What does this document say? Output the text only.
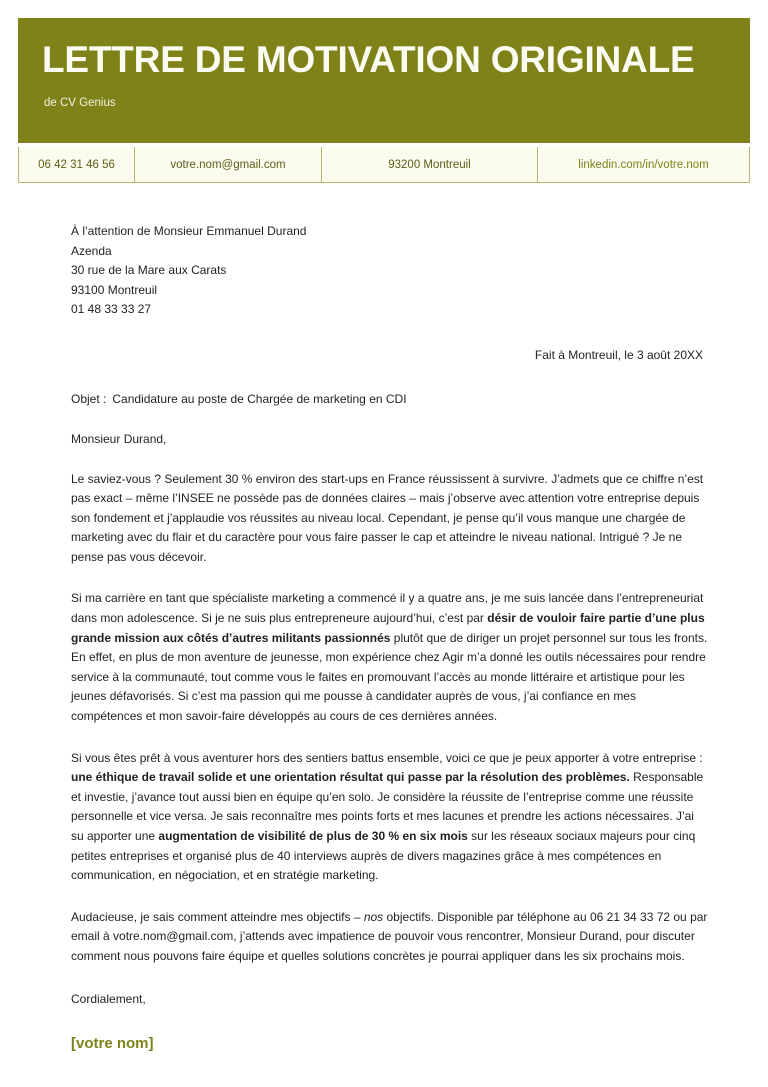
LETTRE DE MOTIVATION ORIGINALE
de CV Genius
06 42 31 46 56	votre.nom@gmail.com	93200 Montreuil	linkedin.com/in/votre.nom
À l’attention de Monsieur Emmanuel Durand
Azenda
30 rue de la Mare aux Carats
93100 Montreuil
01 48 33 33 27
Fait à Montreuil, le 3 août 20XX
Objet : Candidature au poste de Chargée de marketing en CDI
Monsieur Durand,

Le saviez-vous ? Seulement 30 % environ des start-ups en France réussissent à survivre. J’admets que ce chiffre n’est pas exact – même l’INSEE ne possède pas de données claires – mais j’observe avec attention votre entreprise depuis son fondement et j’applaudie vos réussites au niveau local. Cependant, je pense qu’il vous manque une chargée de marketing avec du flair et du caractère pour vous faire passer le cap et atteindre le niveau national. Intrigué ? Je ne pense pas vous décevoir.

Si ma carrière en tant que spécialiste marketing a commencé il y a quatre ans, je me suis lancée dans l’entrepreneuriat dans mon adolescence. Si je ne suis plus entrepreneure aujourd’hui, c’est par désir de vouloir faire partie d’une plus grande mission aux côtés d’autres militants passionnés plutôt que de diriger un projet personnel sur tous les fronts. En effet, en plus de mon aventure de jeunesse, mon expérience chez Agir m’a donné les outils nécessaires pour rendre service à la communauté, tout comme vous le faites en promouvant l’accès au monde littéraire et artistique pour les jeunes défavorisés. Si c’est ma passion qui me pousse à candidater auprès de vous, j’ai confiance en mes compétences et mon savoir-faire développés au cours de ces dernières années.

Si vous êtes prêt à vous aventurer hors des sentiers battus ensemble, voici ce que je peux apporter à votre entreprise : une éthique de travail solide et une orientation résultat qui passe par la résolution des problèmes. Responsable et investie, j’avance tout aussi bien en équipe qu’en solo. Je considère la réussite de l’entreprise comme une réussite personnelle et vice versa. Je sais reconnaître mes points forts et mes lacunes et prendre les actions nécessaires. J’ai su apporter une augmentation de visibilité de plus de 30 % en six mois sur les réseaux sociaux majeurs pour cinq petites entreprises et organisé plus de 40 interviews auprès de divers magazines grâce à mes compétences en communication, en négociation, et en stratégie marketing.

Audacieuse, je sais comment atteindre mes objectifs – nos objectifs. Disponible par téléphone au 06 21 34 33 72 ou par email à votre.nom@gmail.com, j’attends avec impatience de pouvoir vous rencontrer, Monsieur Durand, pour discuter comment nous pouvons faire équipe et quelles solutions concrètes je pourrai appliquer dans les six prochains mois.

Cordialement,
[votre nom]
